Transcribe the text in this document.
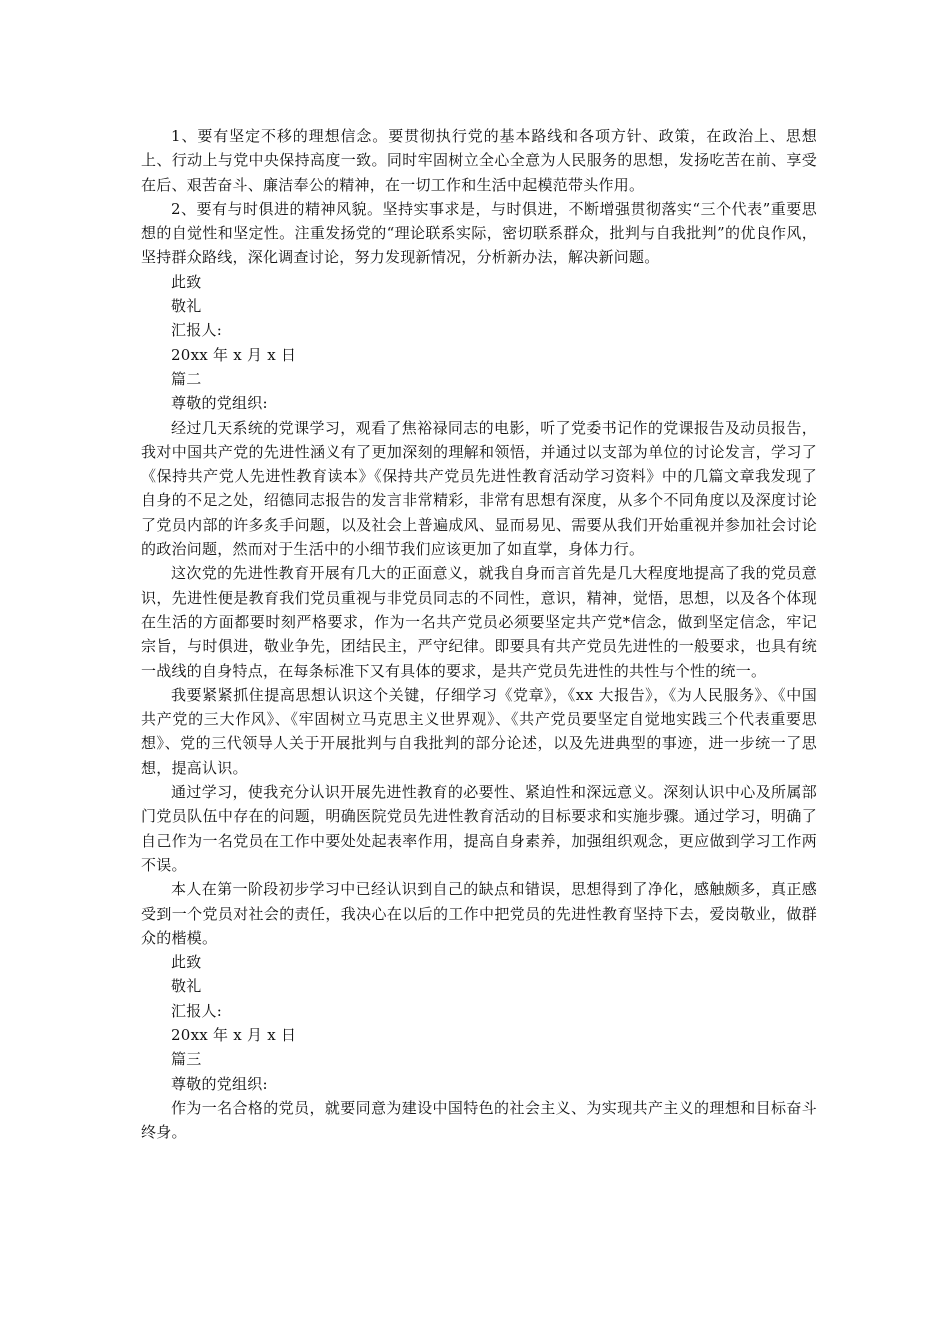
1、要有坚定不移的理想信念。要贯彻执行党的基本路线和各项方针、政策，在政治上、思想上、行动上与党中央保持高度一致。同时牢固树立全心全意为人民服务的思想，发扬吃苦在前、享受在后、艰苦奋斗、廉洁奉公的精神，在一切工作和生活中起模范带头作用。

2、要有与时俱进的精神风貌。坚持实事求是，与时俱进，不断增强贯彻落实“三个代表”重要思想的自觉性和坚定性。注重发扬党的“理论联系实际，密切联系群众，批判与自我批判”的优良作风，坚持群众路线，深化调查讨论，努力发现新情况，分析新办法，解决新问题。

此致

敬礼

汇报人:

20xx 年 x 月 x 日

篇二

尊敬的党组织:

经过几天系统的党课学习，观看了焦裕禄同志的电影，听了党委书记作的党课报告及动员报告，我对中国共产党的先进性涵义有了更加深刻的理解和领悟，并通过以支部为单位的讨论发言，学习了《保持共产党人先进性教育读本》《保持共产党员先进性教育活动学习资料》中的几篇文章我发现了自身的不足之处，绍德同志报告的发言非常精彩，非常有思想有深度，从多个不同角度以及深度讨论了党员内部的许多炙手问题，以及社会上普遍成风、显而易见、需要从我们开始重视并参加社会讨论的政治问题，然而对于生活中的小细节我们应该更加了如直掌，身体力行。

这次党的先进性教育开展有几大的正面意义，就我自身而言首先是几大程度地提高了我的党员意识，先进性便是教育我们党员重视与非党员同志的不同性，意识，精神，觉悟，思想，以及各个体现在生活的方面都要时刻严格要求，作为一名共产党员必须要坚定共产党*信念，做到坚定信念，牢记宗旨，与时俱进，敬业争先，团结民主，严守纪律。即要具有共产党员先进性的一般要求，也具有统一战线的自身特点，在每条标准下又有具体的要求，是共产党员先进性的共性与个性的统一。

我要紧紧抓住提高思想认识这个关键，仔细学习《党章》，《xx 大报告》，《为人民服务》、《中国共产党的三大作风》、《牢固树立马克思主义世界观》、《共产党员要坚定自觉地实践三个代表重要思想》、党的三代领导人关于开展批判与自我批判的部分论述，以及先进典型的事迹，进一步统一了思想，提高认识。

通过学习，使我充分认识开展先进性教育的必要性、紧迫性和深远意义。深刻认识中心及所属部门党员队伍中存在的问题，明确医院党员先进性教育活动的目标要求和实施步骤。通过学习，明确了自己作为一名党员在工作中要处处起表率作用，提高自身素养，加强组织观念，更应做到学习工作两不误。

本人在第一阶段初步学习中已经认识到自己的缺点和错误，思想得到了净化，感触颇多，真正感受到一个党员对社会的责任，我决心在以后的工作中把党员的先进性教育坚持下去，爱岗敬业，做群众的楷模。

此致

敬礼

汇报人:

20xx 年 x 月 x 日

篇三

尊敬的党组织:

作为一名合格的党员，就要同意为建设中国特色的社会主义、为实现共产主义的理想和目标奋斗终身。
